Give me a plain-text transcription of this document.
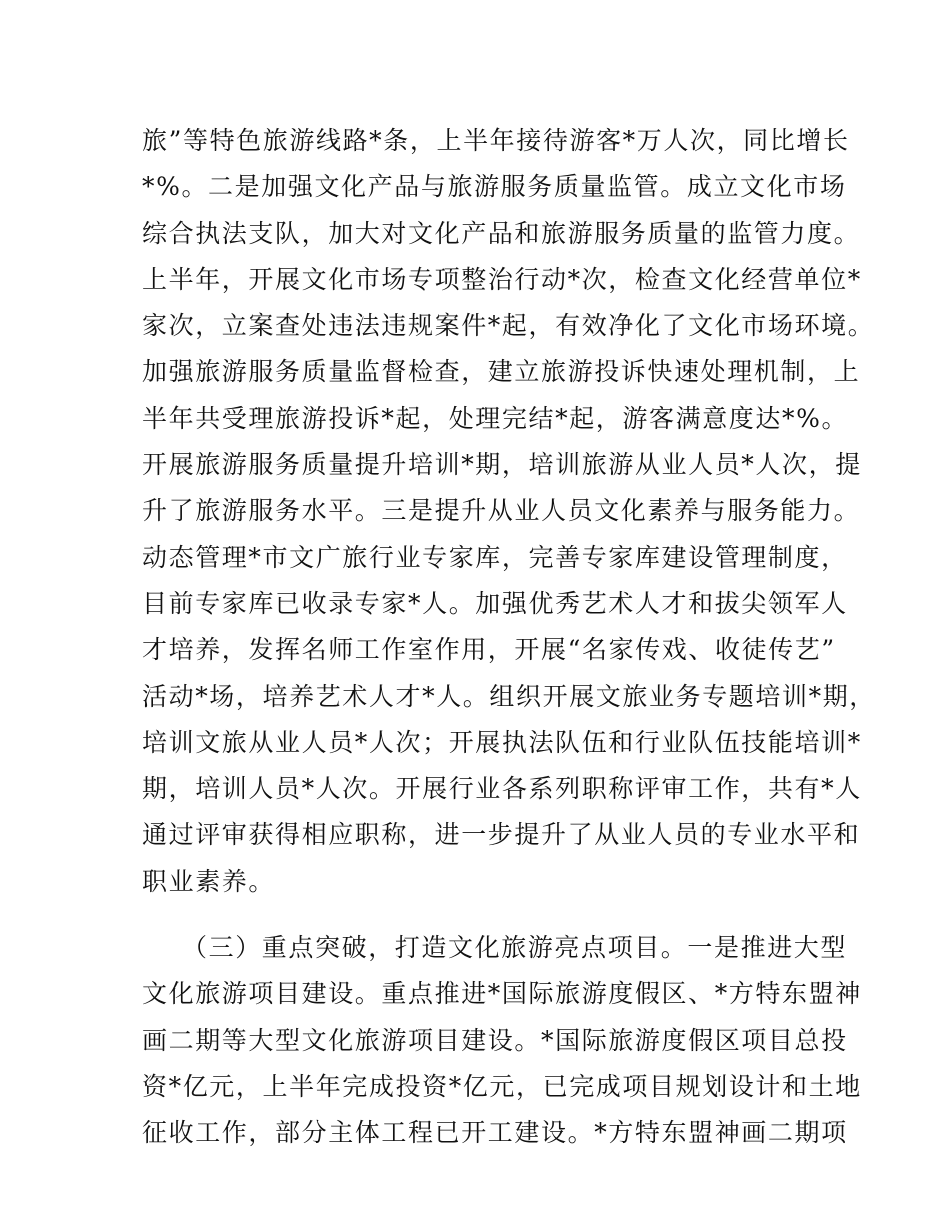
旅”等特色旅游线路*条，上半年接待游客*万人次，同比增长
*%。二是加强文化产品与旅游服务质量监管。成立文化市场
综合执法支队，加大对文化产品和旅游服务质量的监管力度。
上半年，开展文化市场专项整治行动*次，检查文化经营单位*
家次，立案查处违法违规案件*起，有效净化了文化市场环境。
加强旅游服务质量监督检查，建立旅游投诉快速处理机制，上
半年共受理旅游投诉*起，处理完结*起，游客满意度达*%。
开展旅游服务质量提升培训*期，培训旅游从业人员*人次，提
升了旅游服务水平。三是提升从业人员文化素养与服务能力。
动态管理*市文广旅行业专家库，完善专家库建设管理制度，
目前专家库已收录专家*人。加强优秀艺术人才和拔尖领军人
才培养，发挥名师工作室作用，开展“名家传戏、收徒传艺”
活动*场，培养艺术人才*人。组织开展文旅业务专题培训*期，
培训文旅从业人员*人次；开展执法队伍和行业队伍技能培训*
期，培训人员*人次。开展行业各系列职称评审工作，共有*人
通过评审获得相应职称，进一步提升了从业人员的专业水平和
职业素养。
（三）重点突破，打造文化旅游亮点项目。一是推进大型
文化旅游项目建设。重点推进*国际旅游度假区、*方特东盟神
画二期等大型文化旅游项目建设。*国际旅游度假区项目总投
资*亿元，上半年完成投资*亿元，已完成项目规划设计和土地
征收工作，部分主体工程已开工建设。*方特东盟神画二期项
